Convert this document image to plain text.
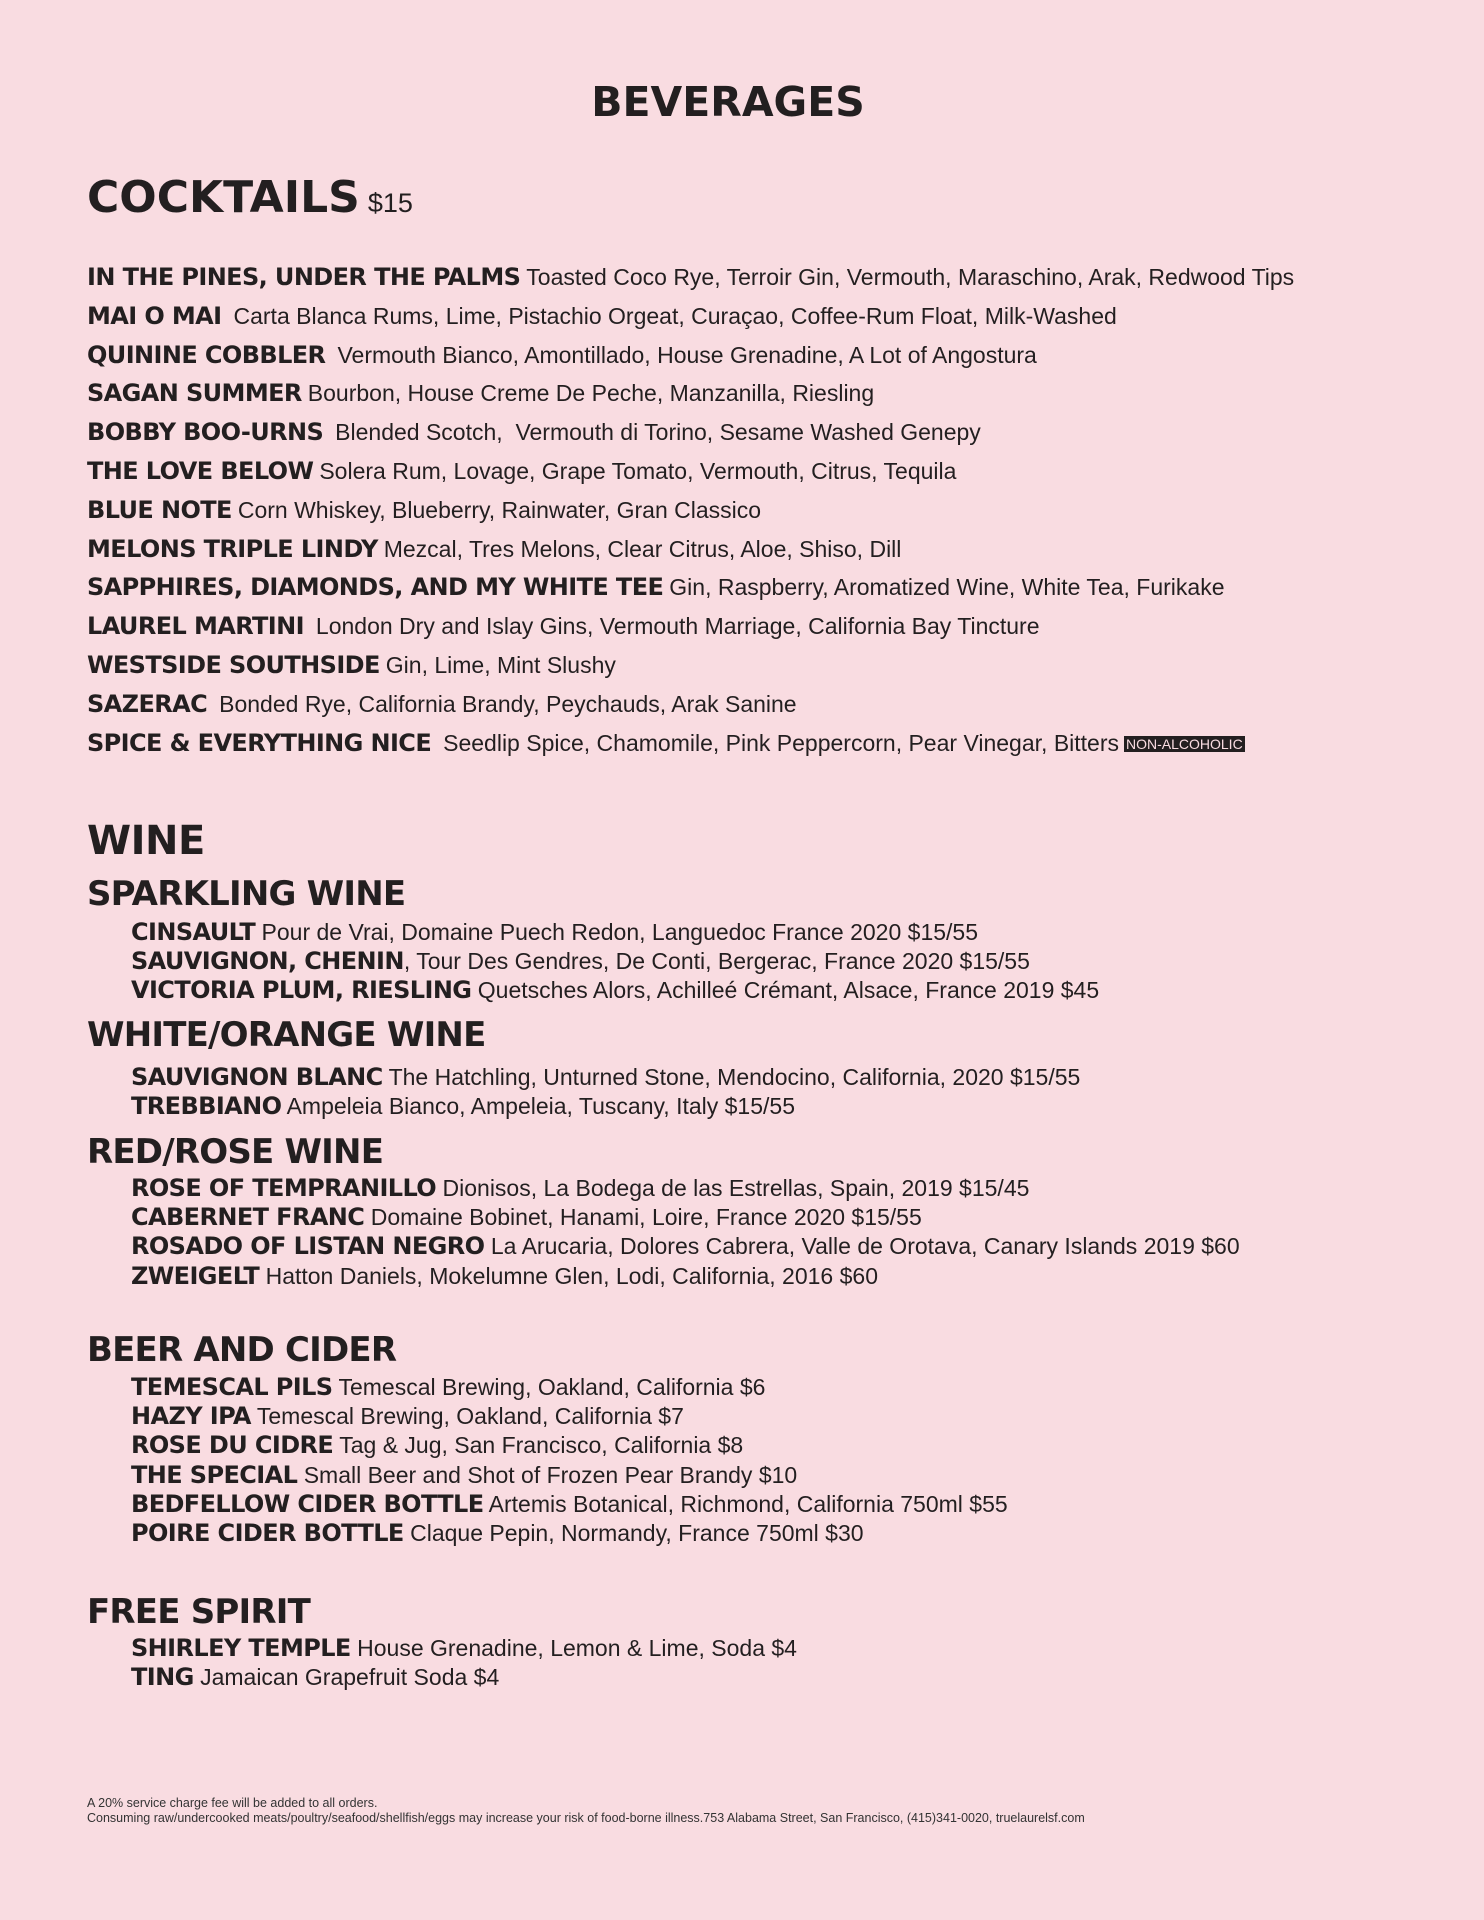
BEVERAGES
COCKTAILS $15
IN THE PINES, UNDER THE PALMS Toasted Coco Rye, Terroir Gin, Vermouth, Maraschino, Arak, Redwood Tips
MAI O MAI Carta Blanca Rums, Lime, Pistachio Orgeat, Curaçao, Coffee-Rum Float, Milk-Washed
QUININE COBBLER Vermouth Bianco, Amontillado, House Grenadine, A Lot of Angostura
SAGAN SUMMER Bourbon, House Creme De Peche, Manzanilla, Riesling
BOBBY BOO-URNS Blended Scotch,  Vermouth di Torino, Sesame Washed Genepy
THE LOVE BELOW Solera Rum, Lovage, Grape Tomato, Vermouth, Citrus, Tequila
BLUE NOTE Corn Whiskey, Blueberry, Rainwater, Gran Classico
MELONS TRIPLE LINDY Mezcal, Tres Melons, Clear Citrus, Aloe, Shiso, Dill
SAPPHIRES, DIAMONDS, AND MY WHITE TEE Gin, Raspberry, Aromatized Wine, White Tea, Furikake
LAUREL MARTINI London Dry and Islay Gins, Vermouth Marriage, California Bay Tincture
WESTSIDE SOUTHSIDE Gin, Lime, Mint Slushy
SAZERAC Bonded Rye, California Brandy, Peychauds, Arak Sanine
SPICE & EVERYTHING NICE Seedlip Spice, Chamomile, Pink Peppercorn, Pear Vinegar, Bitters NON-ALCOHOLIC
WINE
SPARKLING WINE
CINSAULT Pour de Vrai, Domaine Puech Redon, Languedoc France 2020 $15/55
SAUVIGNON, CHENIN, Tour Des Gendres, De Conti, Bergerac, France 2020 $15/55
VICTORIA PLUM, RIESLING Quetsches Alors, Achilleé Crémant, Alsace, France 2019 $45
WHITE/ORANGE WINE
SAUVIGNON BLANC The Hatchling, Unturned Stone, Mendocino, California, 2020 $15/55
TREBBIANO Ampeleia Bianco, Ampeleia, Tuscany, Italy $15/55
RED/ROSE WINE
ROSE OF TEMPRANILLO Dionisos, La Bodega de las Estrellas, Spain, 2019 $15/45
CABERNET FRANC Domaine Bobinet, Hanami, Loire, France 2020 $15/55
ROSADO OF LISTAN NEGRO La Arucaria, Dolores Cabrera, Valle de Orotava, Canary Islands 2019 $60
ZWEIGELT Hatton Daniels, Mokelumne Glen, Lodi, California, 2016 $60
BEER AND CIDER
TEMESCAL PILS Temescal Brewing, Oakland, California $6
HAZY IPA Temescal Brewing, Oakland, California $7
ROSE DU CIDRE Tag & Jug, San Francisco, California $8
THE SPECIAL Small Beer and Shot of Frozen Pear Brandy $10
BEDFELLOW CIDER BOTTLE Artemis Botanical, Richmond, California 750ml $55
POIRE CIDER BOTTLE Claque Pepin, Normandy, France 750ml $30
FREE SPIRIT
SHIRLEY TEMPLE House Grenadine, Lemon & Lime, Soda $4
TING Jamaican Grapefruit Soda $4
A 20% service charge fee will be added to all orders.
Consuming raw/undercooked meats/poultry/seafood/shellfish/eggs may increase your risk of food-borne illness.753 Alabama Street, San Francisco, (415)341-0020, truelaurelsf.com
